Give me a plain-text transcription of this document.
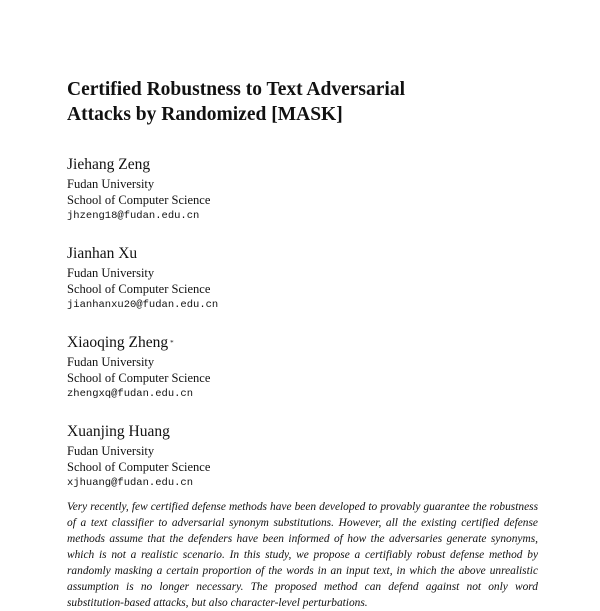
Certified Robustness to Text Adversarial
Attacks by Randomized [MASK]
Jiehang Zeng
Fudan University
School of Computer Science
jhzeng18@fudan.edu.cn
Jianhan Xu
Fudan University
School of Computer Science
jianhanxu20@fudan.edu.cn
Xiaoqing Zheng *
Fudan University
School of Computer Science
zhengxq@fudan.edu.cn
Xuanjing Huang
Fudan University
School of Computer Science
xjhuang@fudan.edu.cn

Very recently, few certified defense methods have been developed to provably guarantee the robustness of a text classifier to adversarial synonym substitutions. However, all the existing certified defense methods assume that the defenders have been informed of how the adversaries generate synonyms, which is not a realistic scenario. In this study, we propose a certifiably robust defense method by randomly masking a certain proportion of the words in an input text, in which the above unrealistic assumption is no longer necessary. The proposed method can defend against not only word substitution-based attacks, but also character-level perturbations.
